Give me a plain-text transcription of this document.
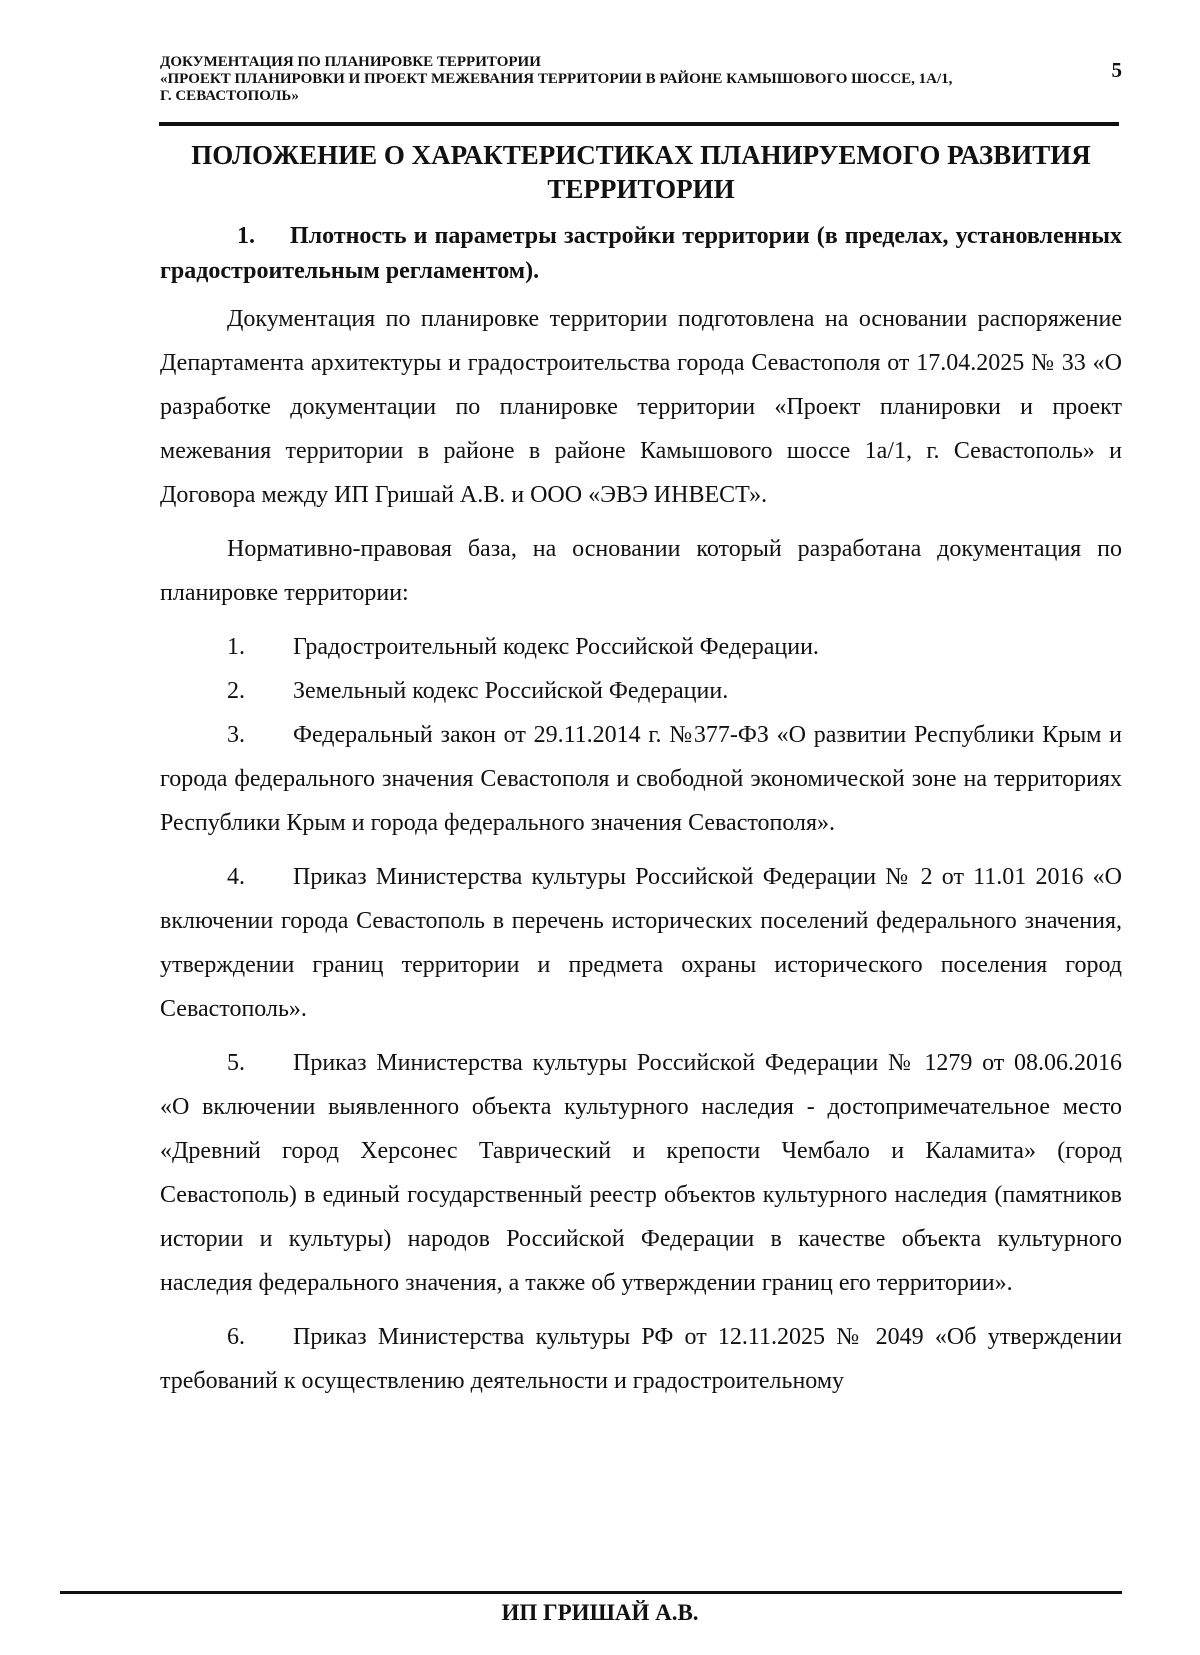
ДОКУМЕНТАЦИЯ ПО ПЛАНИРОВКЕ ТЕРРИТОРИИ
«ПРОЕКТ ПЛАНИРОВКИ И ПРОЕКТ МЕЖЕВАНИЯ ТЕРРИТОРИИ В РАЙОНЕ КАМЫШОВОГО ШОССЕ, 1А/1,
Г. СЕВАСТОПОЛЬ»
5

ПОЛОЖЕНИЕ О ХАРАКТЕРИСТИКАХ ПЛАНИРУЕМОГО РАЗВИТИЯ
ТЕРРИТОРИИ

1. Плотность и параметры застройки территории (в пределах, установленных градостроительным регламентом).

Документация по планировке территории подготовлена на основании распоряжение Департамента архитектуры и градостроительства города Севастополя от 17.04.2025 № 33 «О разработке документации по планировке территории «Проект планировки и проект межевания территории в районе в районе Камышового шоссе 1а/1, г. Севастополь» и Договора между ИП Гришай А.В. и ООО «ЭВЭ ИНВЕСТ».

Нормативно-правовая база, на основании который разработана документация по планировке территории:

1. Градостроительный кодекс Российской Федерации.

2. Земельный кодекс Российской Федерации.

3. Федеральный закон от 29.11.2014 г. №377-ФЗ «О развитии Республики Крым и города федерального значения Севастополя и свободной экономической зоне на территориях Республики Крым и города федерального значения Севастополя».

4. Приказ Министерства культуры Российской Федерации № 2 от 11.01 2016 «О включении города Севастополь в перечень исторических поселений федерального значения, утверждении границ территории и предмета охраны исторического поселения город Севастополь».

5. Приказ Министерства культуры Российской Федерации № 1279 от 08.06.2016 «О включении выявленного объекта культурного наследия - достопримечательное место «Древний город Херсонес Таврический и крепости Чембало и Каламита» (город Севастополь) в единый государственный реестр объектов культурного наследия (памятников истории и культуры) народов Российской Федерации в качестве объекта культурного наследия федерального значения, а также об утверждении границ его территории».

6. Приказ Министерства культуры РФ от 12.11.2025 № 2049 «Об утверждении требований к осуществлению деятельности и градостроительному

ИП ГРИШАЙ А.В.
